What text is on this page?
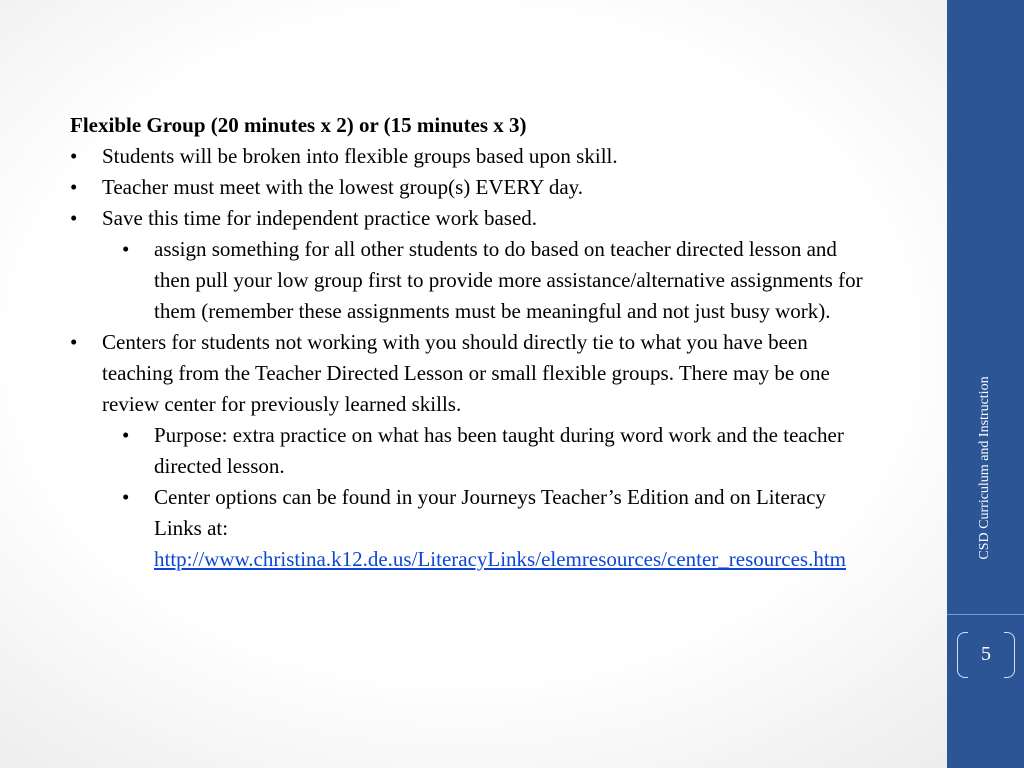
Flexible Group (20 minutes x 2) or (15 minutes x 3)
• Students will be broken into flexible groups based upon skill.
• Teacher must meet with the lowest group(s) EVERY day.
• Save this time for independent practice work based.
• assign something for all other students to do based on teacher directed lesson and then pull your low group first to provide more assistance/alternative assignments for them (remember these assignments must be meaningful and not just busy work).
• Centers for students not working with you should directly tie to what you have been teaching from the Teacher Directed Lesson or small flexible groups. There may be one review center for previously learned skills.
• Purpose: extra practice on what has been taught during word work and the teacher directed lesson.
• Center options can be found in your Journeys Teacher’s Edition and on Literacy Links at:
http://www.christina.k12.de.us/LiteracyLinks/elemresources/center_resources.htm	CSD Curriculum and Instruction
5
